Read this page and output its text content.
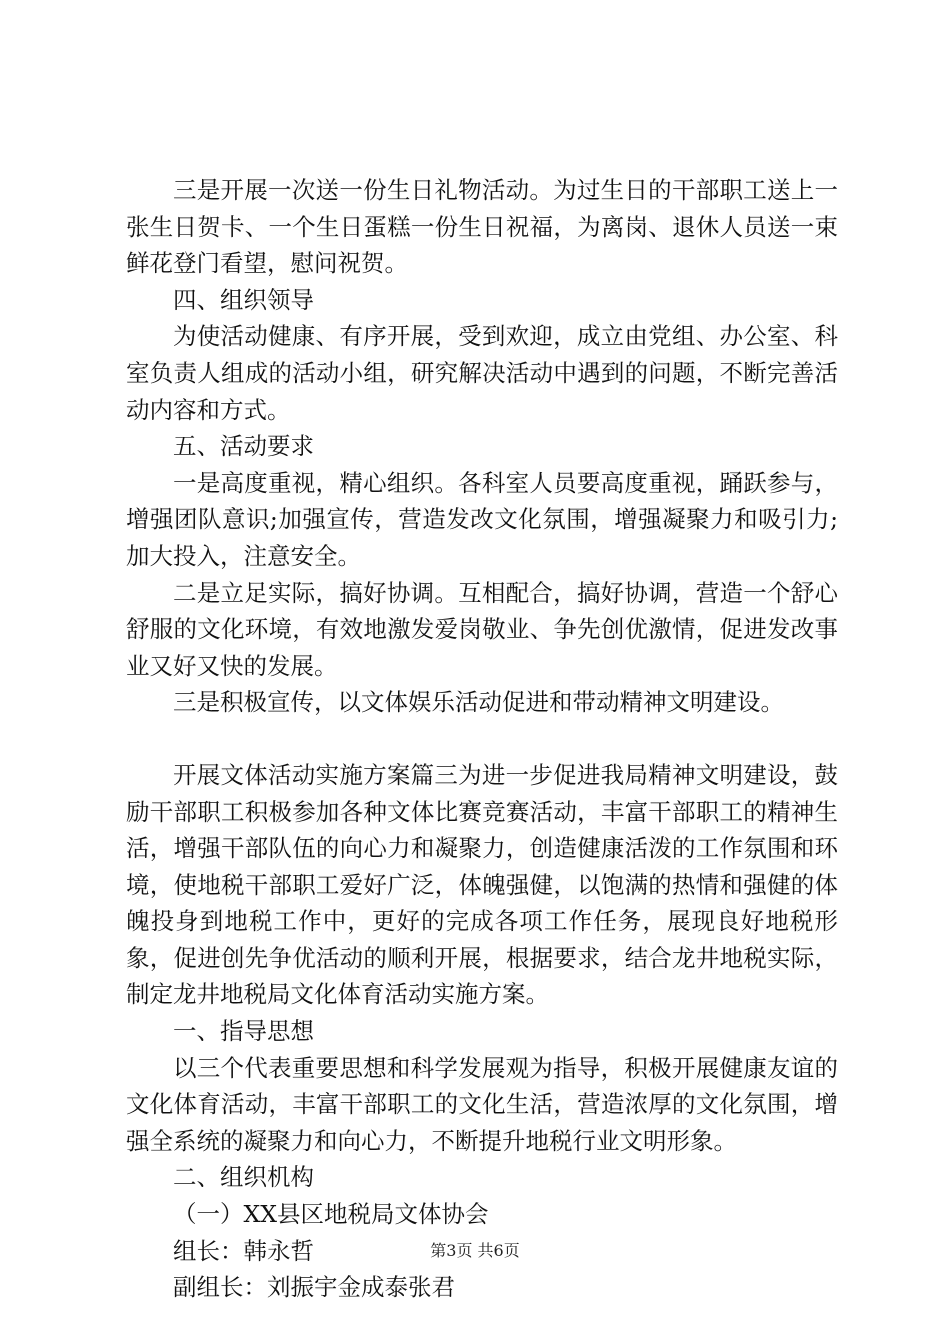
三是开展一次送一份生日礼物活动。为过生日的干部职工送上一张生日贺卡、一个生日蛋糕一份生日祝福，为离岗、退休人员送一束鲜花登门看望，慰问祝贺。

四、组织领导

为使活动健康、有序开展，受到欢迎，成立由党组、办公室、科室负责人组成的活动小组，研究解决活动中遇到的问题，不断完善活动内容和方式。

五、活动要求

一是高度重视，精心组织。各科室人员要高度重视，踊跃参与，增强团队意识;加强宣传，营造发改文化氛围，增强凝聚力和吸引力;加大投入，注意安全。

二是立足实际，搞好协调。互相配合，搞好协调，营造一个舒心舒服的文化环境，有效地激发爱岗敬业、争先创优激情，促进发改事业又好又快的发展。

三是积极宣传，以文体娱乐活动促进和带动精神文明建设。

开展文体活动实施方案篇三为进一步促进我局精神文明建设，鼓励干部职工积极参加各种文体比赛竞赛活动，丰富干部职工的精神生活，增强干部队伍的向心力和凝聚力，创造健康活泼的工作氛围和环境，使地税干部职工爱好广泛，体魄强健，以饱满的热情和强健的体魄投身到地税工作中，更好的完成各项工作任务，展现良好地税形象，促进创先争优活动的顺利开展，根据要求，结合龙井地税实际，制定龙井地税局文化体育活动实施方案。

一、指导思想

以三个代表重要思想和科学发展观为指导，积极开展健康友谊的文化体育活动，丰富干部职工的文化生活，营造浓厚的文化氛围，增强全系统的凝聚力和向心力，不断提升地税行业文明形象。

二、组织机构

（一）XX县区地税局文体协会

组长：韩永哲

副组长：刘振宇金成泰张君

第3页 共6页
